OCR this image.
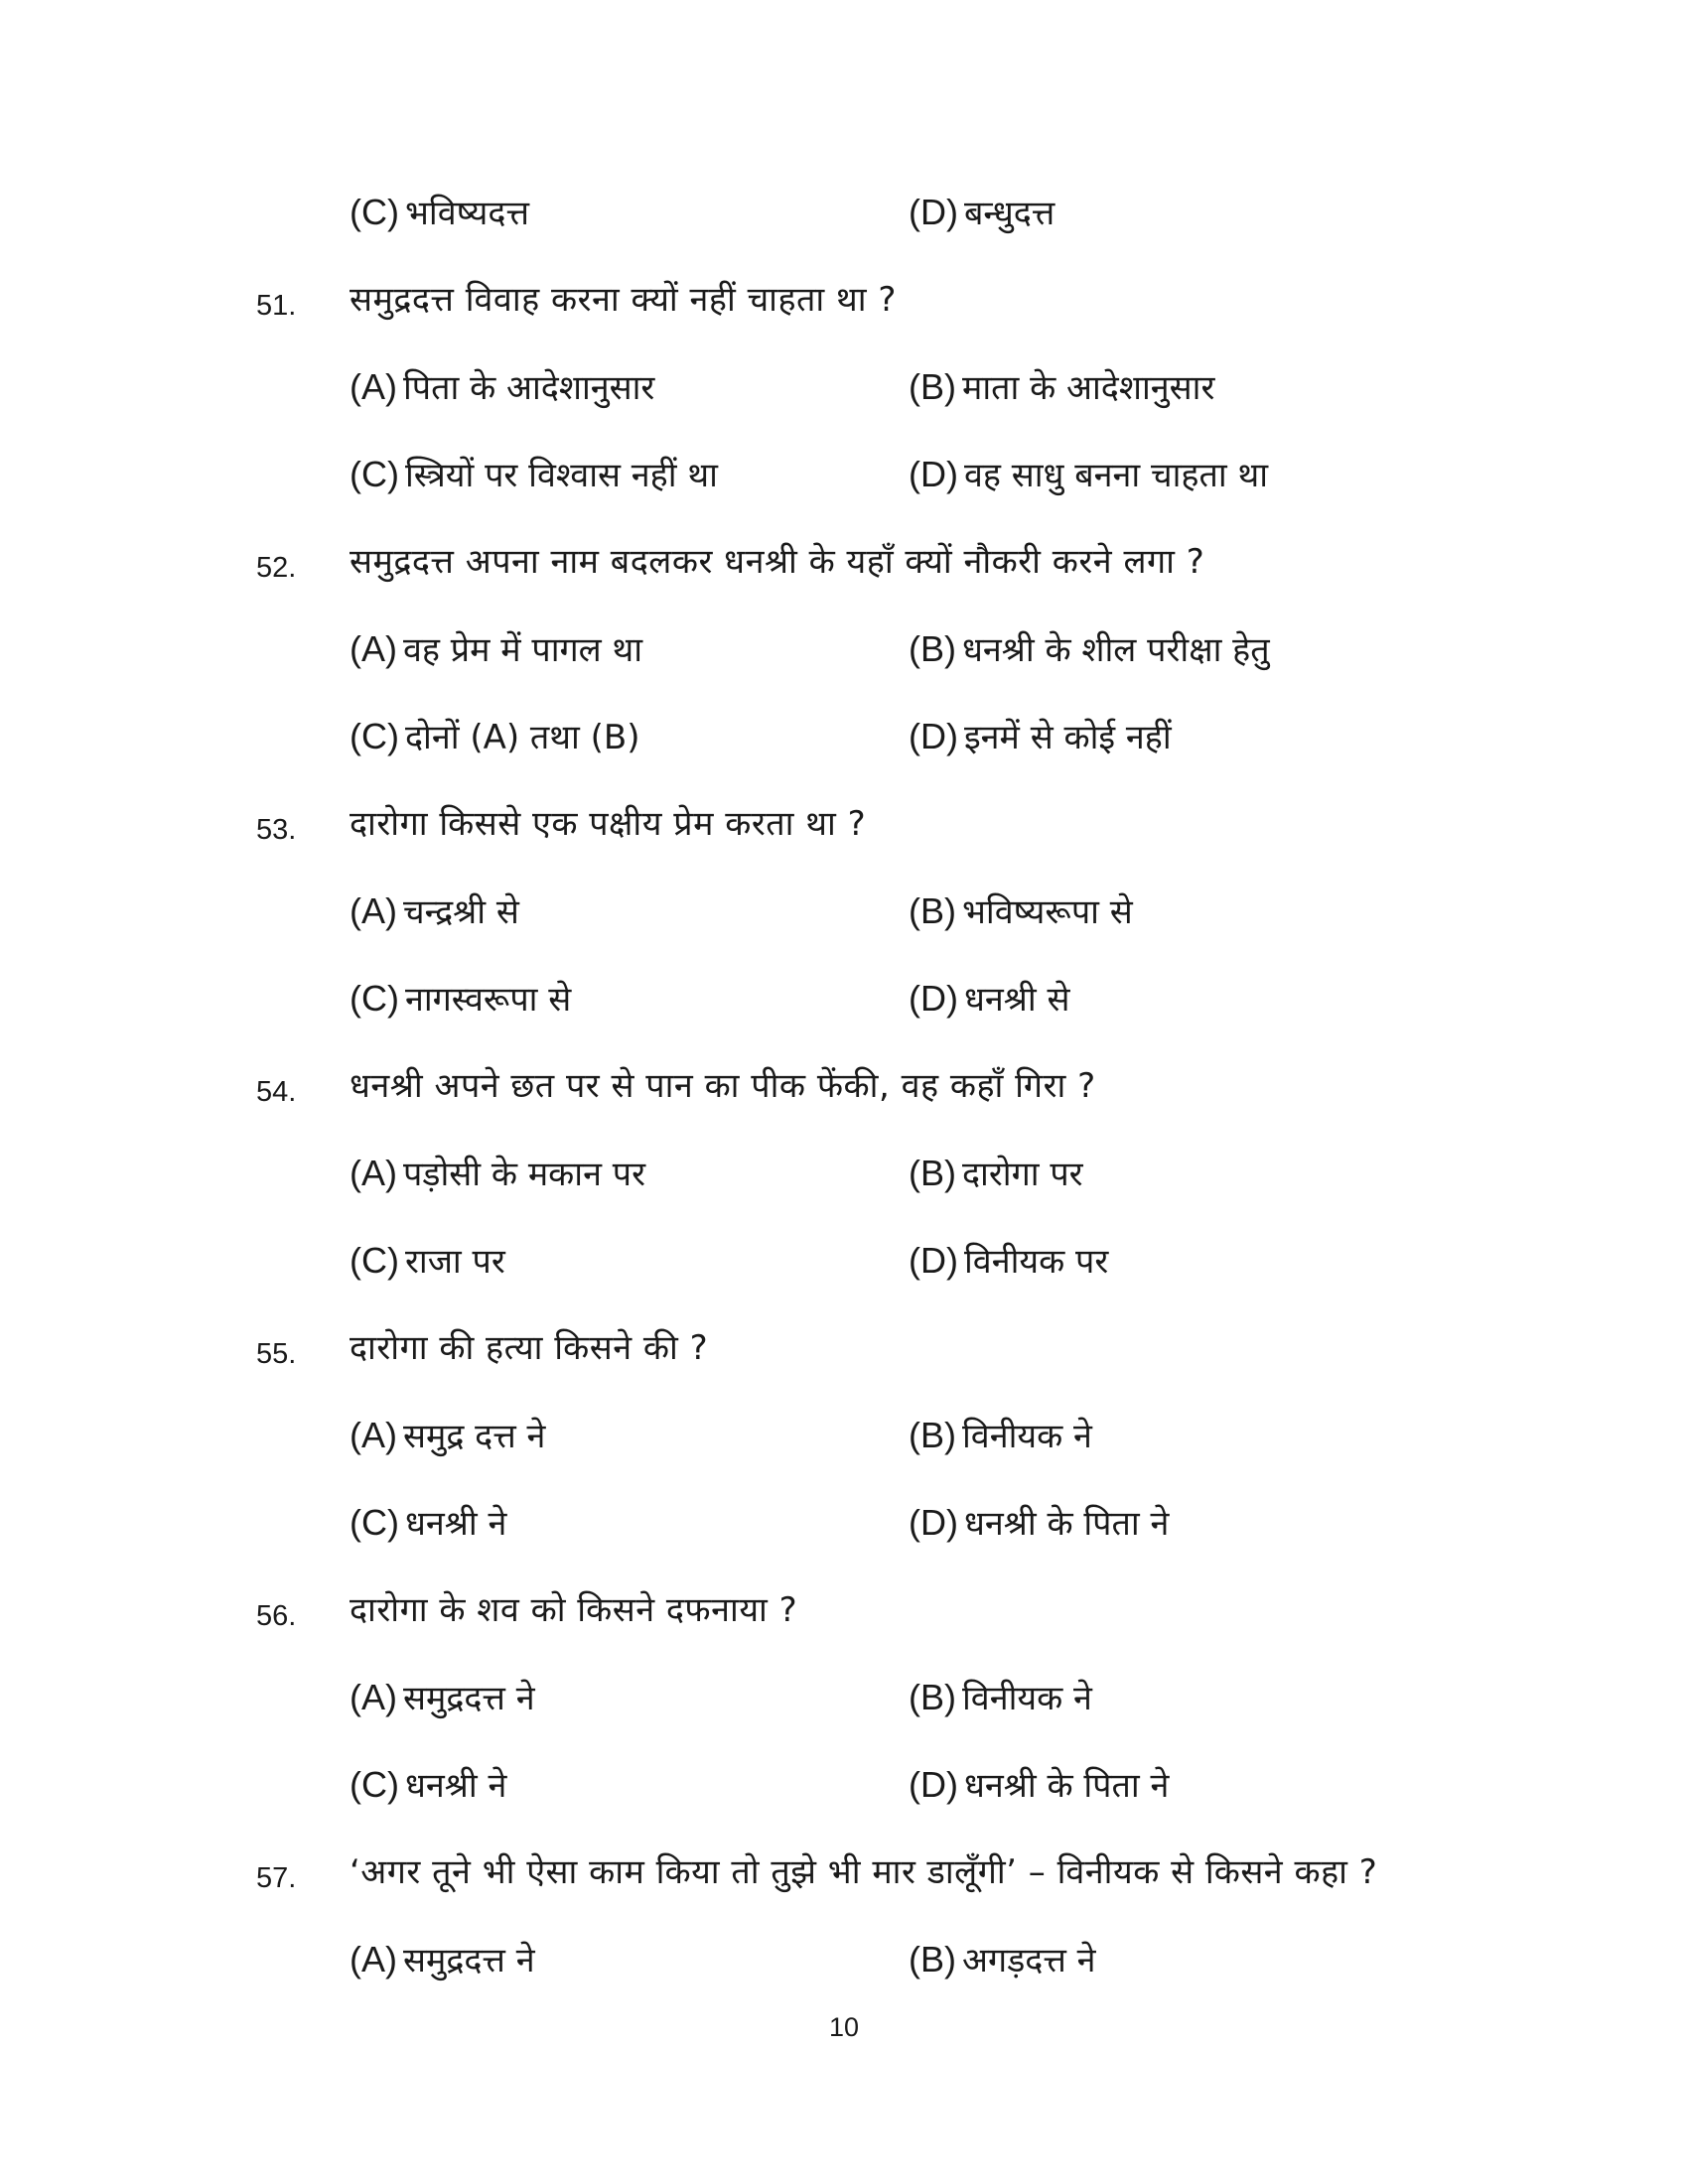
(C) भविष्यदत्त	(D) बन्धुदत्त
51. समुद्रदत्त विवाह करना क्यों नहीं चाहता था ?
(A) पिता के आदेशानुसार	(B) माता के आदेशानुसार
(C) स्त्रियों पर विश्वास नहीं था	(D) वह साधु बनना चाहता था
52. समुद्रदत्त अपना नाम बदलकर धनश्री के यहाँ क्यों नौकरी करने लगा ?
(A) वह प्रेम में पागल था	(B) धनश्री के शील परीक्षा हेतु
(C) दोनों (A) तथा (B)	(D) इनमें से कोई नहीं
53. दारोगा किससे एक पक्षीय प्रेम करता था ?
(A) चन्द्रश्री से	(B) भविष्यरूपा से
(C) नागस्वरूपा से	(D) धनश्री से
54. धनश्री अपने छत पर से पान का पीक फेंकी, वह कहाँ गिरा ?
(A) पड़ोसी के मकान पर	(B) दारोगा पर
(C) राजा पर	(D) विनीयक पर
55. दारोगा की हत्या किसने की ?
(A) समुद्र दत्त ने	(B) विनीयक ने
(C) धनश्री ने	(D) धनश्री के पिता ने
56. दारोगा के शव को किसने दफनाया ?
(A) समुद्रदत्त ने	(B) विनीयक ने
(C) धनश्री ने	(D) धनश्री के पिता ने
57. ‘अगर तूने भी ऐसा काम किया तो तुझे भी मार डालूँगी’ – विनीयक से किसने कहा ?
(A) समुद्रदत्त ने	(B) अगड़दत्त ने
10
